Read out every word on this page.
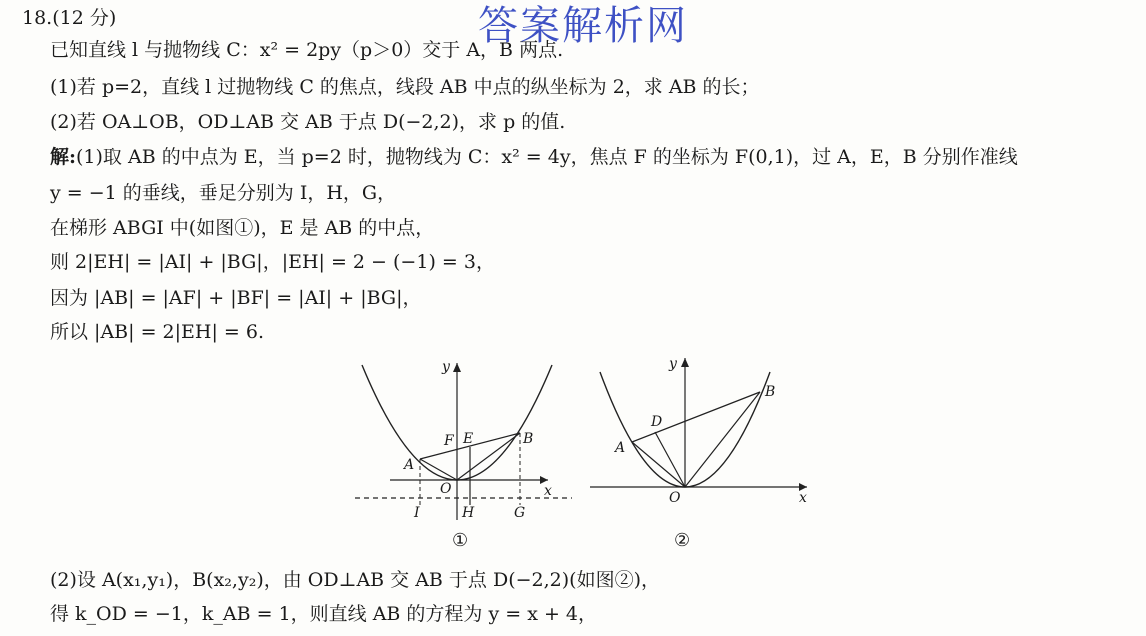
答案解析网
18.(12 分)
已知直线 l 与抛物线 C：x² = 2py（p＞0）交于 A，B 两点.
(1)若 p=2，直线 l 过抛物线 C 的焦点，线段 AB 中点的纵坐标为 2，求 AB 的长；
(2)若 OA⊥OB，OD⊥AB 交 AB 于点 D(−2,2)，求 p 的值.
解:(1)取 AB 的中点为 E，当 p=2 时，抛物线为 C：x² = 4y，焦点 F 的坐标为 F(0,1)，过 A，E，B 分别作准线
y = −1 的垂线，垂足分别为 I，H，G，
在梯形 ABGI 中(如图①)，E 是 AB 的中点，
则 2|EH| = |AI| + |BG|，|EH| = 2 − (−1) = 3，
因为 |AB| = |AF| + |BF| = |AI| + |BG|，
所以 |AB| = 2|EH| = 6.
y
x
O
A
B
E
F
I	H	G
①
y
x
O
A
B
D
②
(2)设 A(x₁,y₁)，B(x₂,y₂)，由 OD⊥AB 交 AB 于点 D(−2,2)(如图②)，
得 k_OD = −1，k_AB = 1，则直线 AB 的方程为 y = x + 4，
